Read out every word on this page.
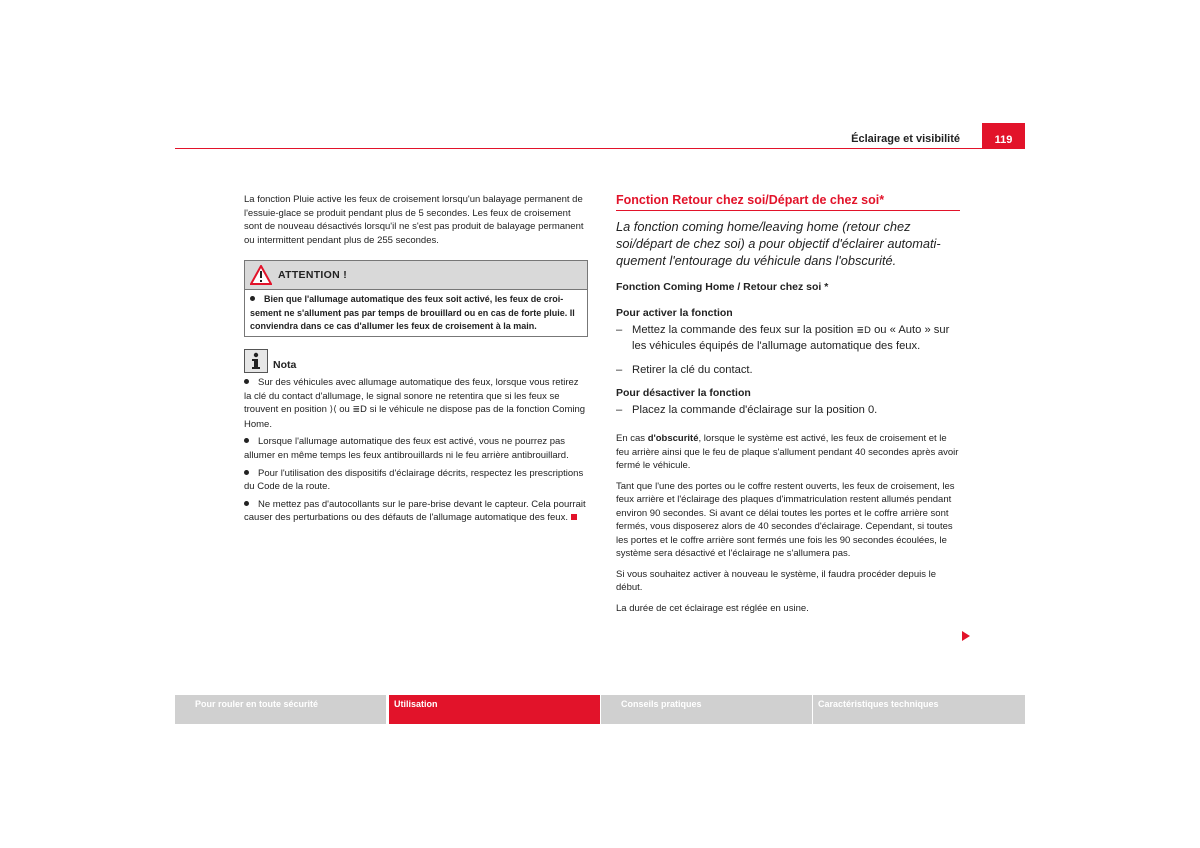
Éclairage et visibilité	119

La fonction Pluie active les feux de croisement lorsqu'un balayage permanent de l'essuie-glace se produit pendant plus de 5 secondes. Les feux de croisement sont de nouveau désactivés lorsqu'il ne s'est pas produit de balayage permanent ou intermittent pendant plus de 255 secondes.

ATTENTION !
Bien que l'allumage automatique des feux soit activé, les feux de croisement ne s'allument pas par temps de brouillard ou en cas de forte pluie. Il conviendra dans ce cas d'allumer les feux de croisement à la main.
Nota

Sur des véhicules avec allumage automatique des feux, lorsque vous retirez la clé du contact d'allumage, le signal sonore ne retentira que si les feux se trouvent en position ⟩⟨ ou ≣D si le véhicule ne dispose pas de la fonction Coming Home.

Lorsque l'allumage automatique des feux est activé, vous ne pourrez pas allumer en même temps les feux antibrouillards ni le feu arrière antibrouillard.

Pour l'utilisation des dispositifs d'éclairage décrits, respectez les prescriptions du Code de la route.

Ne mettez pas d'autocollants sur le pare-brise devant le capteur. Cela pourrait causer des perturbations ou des défauts de l'allumage automatique des feux.

Fonction Retour chez soi/Départ de chez soi*
La fonction coming home/leaving home (retour chez soi/départ de chez soi) a pour objectif d'éclairer automatiquement l'entourage du véhicule dans l'obscurité.
Fonction Coming Home / Retour chez soi *
Pour activer la fonction
– Mettez la commande des feux sur la position ≣D ou « Auto » sur les véhicules équipés de l'allumage automatique des feux.
– Retirer la clé du contact.
Pour désactiver la fonction
– Placez la commande d'éclairage sur la position 0.

En cas d'obscurité, lorsque le système est activé, les feux de croisement et le feu arrière ainsi que le feu de plaque s'allument pendant 40 secondes après avoir fermé le véhicule.

Tant que l'une des portes ou le coffre restent ouverts, les feux de croisement, les feux arrière et l'éclairage des plaques d'immatriculation restent allumés pendant environ 90 secondes. Si avant ce délai toutes les portes et le coffre arrière sont fermés, vous disposerez alors de 40 secondes d'éclairage. Cependant, si toutes les portes et le coffre arrière sont fermés une fois les 90 secondes écoulées, le système sera désactivé et l'éclairage ne s'allumera pas.

Si vous souhaitez activer à nouveau le système, il faudra procéder depuis le début.

La durée de cet éclairage est réglée en usine.

Pour rouler en toute sécurité	Utilisation	Conseils pratiques	Caractéristiques techniques
